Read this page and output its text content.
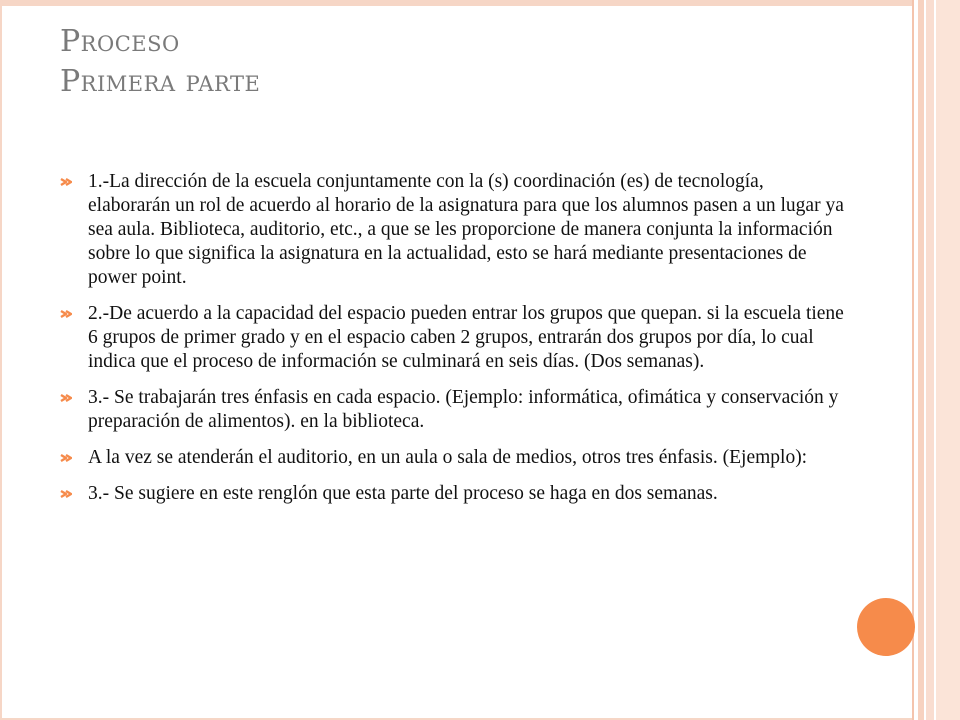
Proceso
Primera parte
1.-La dirección de la escuela conjuntamente con la (s) coordinación (es) de tecnología, elaborarán un rol de acuerdo al horario de la asignatura para que los alumnos pasen a un lugar ya sea aula. Biblioteca, auditorio, etc., a que se les proporcione de manera conjunta la información sobre lo que significa la asignatura en la actualidad, esto se hará mediante presentaciones de power point.
2.-De acuerdo a la capacidad del espacio pueden entrar los grupos que quepan. si la escuela tiene 6 grupos de primer grado y en el espacio caben 2 grupos, entrarán dos grupos por día, lo cual indica que el proceso de información se culminará en seis días. (Dos semanas).
3.- Se trabajarán tres énfasis en cada espacio. (Ejemplo: informática, ofimática y conservación y preparación de alimentos). en la biblioteca.
A la vez se atenderán el auditorio, en un aula o sala de medios, otros tres énfasis. (Ejemplo):
3.- Se sugiere en este renglón que esta parte del proceso se haga en dos semanas.
